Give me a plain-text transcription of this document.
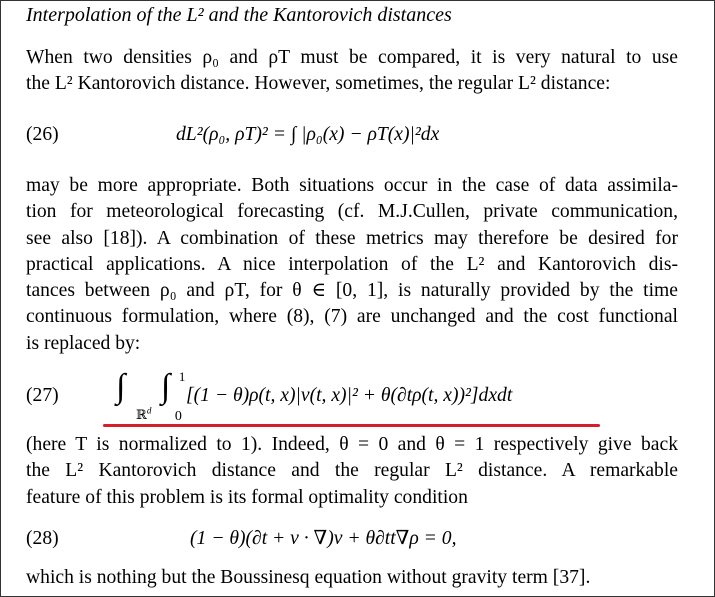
Interpolation of the L² and the Kantorovich distances

When two densities ρ₀ and ρT must be compared, it is very natural to use
the L² Kantorovich distance. However, sometimes, the regular L² distance:

(26)	dL²(ρ₀, ρT)² = ∫ |ρ₀(x) − ρT(x)|²dx

may be more appropriate. Both situations occur in the case of data assimila-
tion for meteorological forecasting (cf. M.J.Cullen, private communication,
see also [18]). A combination of these metrics may therefore be desired for
practical applications. A nice interpolation of the L² and Kantorovich dis-
tances between ρ₀ and ρT, for θ ∈ [0, 1], is naturally provided by the time
continuous formulation, where (8), (7) are unchanged and the cost functional
is replaced by:

(27) ∫
ℝ$^d$

∫ 1
0
[(1 − θ)ρ(t, x)|v(t, x)|² + θ(∂tρ(t, x))²]dxdt

(here T is normalized to 1). Indeed, θ = 0 and θ = 1 respectively give back
the L² Kantorovich distance and the regular L² distance. A remarkable
feature of this problem is its formal optimality condition

(28)	(1 − θ)(∂t + v · ∇)v + θ∂tt∇ρ = 0,

which is nothing but the Boussinesq equation without gravity term [37].
